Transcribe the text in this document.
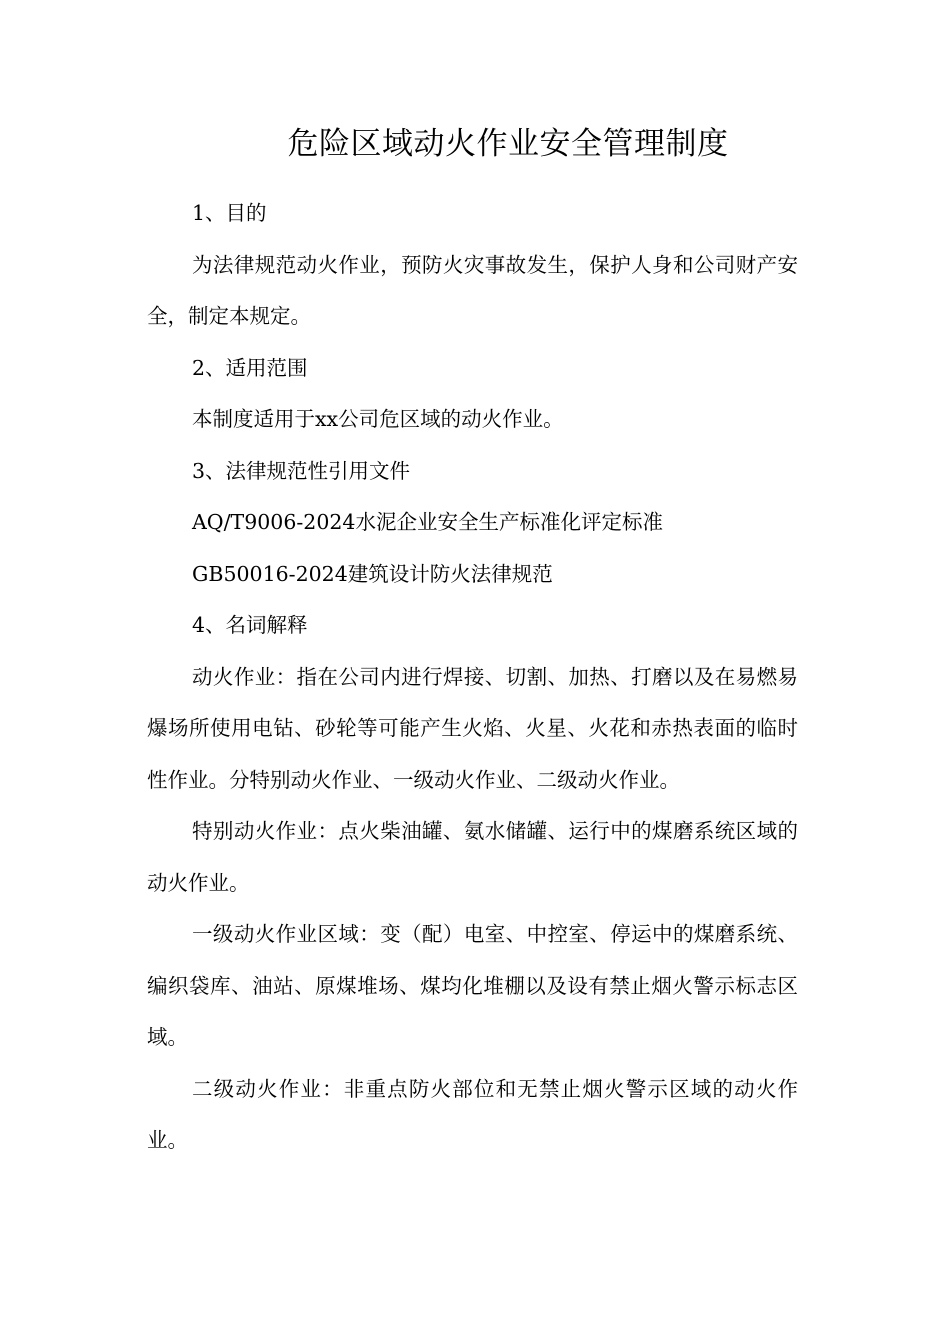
危险区域动火作业安全管理制度

1、目的

为法律规范动火作业，预防火灾事故发生，保护人身和公司财产安全，制定本规定。

2、适用范围

本制度适用于xx公司危区域的动火作业。

3、法律规范性引用文件

AQ/T9006-2024水泥企业安全生产标准化评定标准

GB50016-2024建筑设计防火法律规范

4、名词解释

动火作业：指在公司内进行焊接、切割、加热、打磨以及在易燃易爆场所使用电钻、砂轮等可能产生火焰、火星、火花和赤热表面的临时性作业。分特别动火作业、一级动火作业、二级动火作业。

特别动火作业：点火柴油罐、氨水储罐、运行中的煤磨系统区域的动火作业。

一级动火作业区域：变（配）电室、中控室、停运中的煤磨系统、编织袋库、油站、原煤堆场、煤均化堆棚以及设有禁止烟火警示标志区域。

二级动火作业：非重点防火部位和无禁止烟火警示区域的动火作业。
